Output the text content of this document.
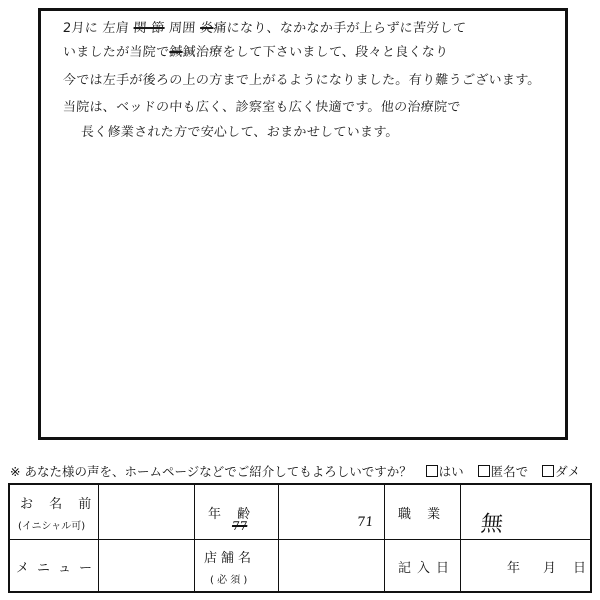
2月に 左肩 関 節 周囲 炎痛になり、なかなか手が上らずに苦労して
いましたが当院で鍼鍼治療をして下さいまして、段々と良くなり
今では左手が後ろの上の方まで上がるようになりました。有り難うございます。
当院は、ベッドの中も広く、診察室も広く快適です。他の治療院で
長く修業された方で安心して、おまかせしています。
※ あなた様の声を、ホームページなどでご紹介してもよろしいですか？ はい 匿名で ダメ
お 名 前
(イニシャル可)
年 齢
77	71
職 業 無
メニュー
店舗名
( 必 須 )
記入日	年 月 日
